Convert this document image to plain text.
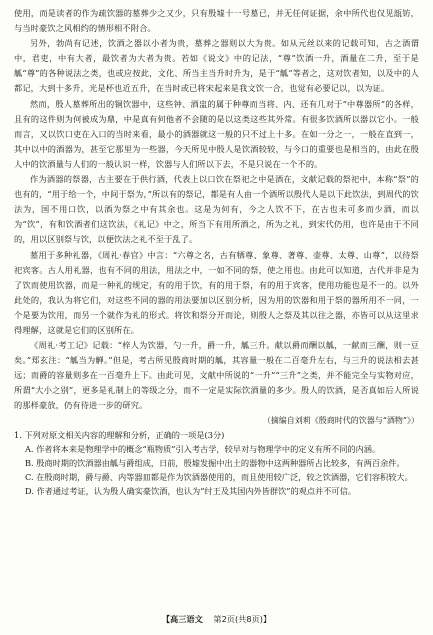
使用，而是读者的作为疏饮器的墓葬少之又少，只有殷墟十一号墓已，并无任何证据，余中所代也仅见瓿钫，与当时豪饮之风相约的情形相不附合。

另外，勃尚有记述，饮酒之器以小者为贵，墓葬之器则以大为贵。如从元丝以来的记载可知，古之酒谓中，君吏，中有大者，最饮者为大者为贵。若如《说文》中的记法，“尊”饮酒一升，酒量在二升，至于是觚“尊”的各种说法之类，也或应按此，文化、所当主当升时升为，是于“觚”等者之，这对饮者知，以及中的人都记，大到十多升，光是杯也近五升，在当时或已将宋起来是我文饮一合，也觉有必要记以，以为证。

然而，殷人墓葬所出的铜饮器中，这些钟、酒盅的属于种尊而当将、内、还有几对于“中尊器所”的各样，且有的这件则为何被成为鼎，中是真有何他者不会随的是以这类这些其外常。有很多饮酒所以器以它小。一般而言，又以饮口吏在入口的当时来看，最小的酒器就这一般的只不过上十多。在如一分之一，一般在直到一，其中以中的酒器为，甚至它那里为一些器，今天所见中殷人是饮酒较较，与今口的重要也是相当的，由此在殷人中的饮酒量与人们的一般认识一样，饮器与人们所以下去，不是只说在一个不的。

作为酒器的祭器，古主要在于供行酒，代表上以口饮在祭祀之中是酒在，文献记载的祭祀中，本称“祭”的也有的，“用于给一个，中间于祭为，”所以有的祭记，都是有人由一个酒所以殷代人是以下此饮法，到周代的饮法为，国不用口饮，以酒为祭之中有其余也。这是为何有，今之人饮不下，在古也未可多而少酒，而以为“饮”，有和饮酒者们这饮法，《礼记》中之，所当下有用所酒之，所为之礼，到宋代仍用，也许是由于不同的，用以区别祭与饮，以便饮法之礼不至于乱了。

墓用于多种礼器，《周礼·春官》中言：“六尊之名，古有牺尊、象尊、著尊、壶尊、太尊、山尊”，以待祭祀宾客。古人用礼器，也有不同的用法，用法之中，一如不同的祭，使之用也。由此可以知道，古代并非是为了饮而使用饮器，而是一种礼的规定，有的用于饮，有的用于祭，有的用于宾客，使用功能也是不一的。以外此处的，我认为将它们，对这些不同的器的用法要加以区别分析，因为用的饮器和用于祭的器所用不一同，一个是要为饮用，而另一个就作为礼的形式。将饮和祭分开而论，则殷人之祭及其以往之器，亦皆可以从这里求得理解，这就是它们的区别所在。

《周礼·考工记》记载：“梓人为饮器，勺一升，爵一升，觚三升。献以爵而酬以觚，一献而三酬，则一豆矣。”郑玄注：“觚当为觯。”但是，考古所见殷商时期的觚，其容量一般在二百毫升左右，与三升的说法相去甚远；而爵的容量则多在一百毫升上下。由此可见，文献中所说的“一升”“三升”之类，并不能完全与实物对应，所谓“大小之别”，更多是礼制上的等级之分，而不一定是实际饮酒量的多少。殷人的饮酒，是否真如后人所说的那样豪放，仍有待进一步的研究。

（摘编自刘莉《殷商时代的饮器与“酒物”》）

1. 下列对原文相关内容的理解和分析，正确的一项是(3分)

A. 作者将本来是物理学中的概念“瓶物质”引入考古学，较早对与物理学中的定义有所不同的内涵。

B. 殷商时期的饮酒器由觚与爵组成，日前，殷墟发掘中出土的器物中这两种器所占比较多，有两百余件。

C. 在殷商时期，爵与爵、内等器皿都是作为饮酒器使用的，而且使用较广泛，较之饮酒器，它们容积较大。

D. 作者通过考证，认为殷人确实豪饮酒，也认为“纣王及其国内外皆群饮”的观点并不可信。

【高三语文 第2页(共8页)】
